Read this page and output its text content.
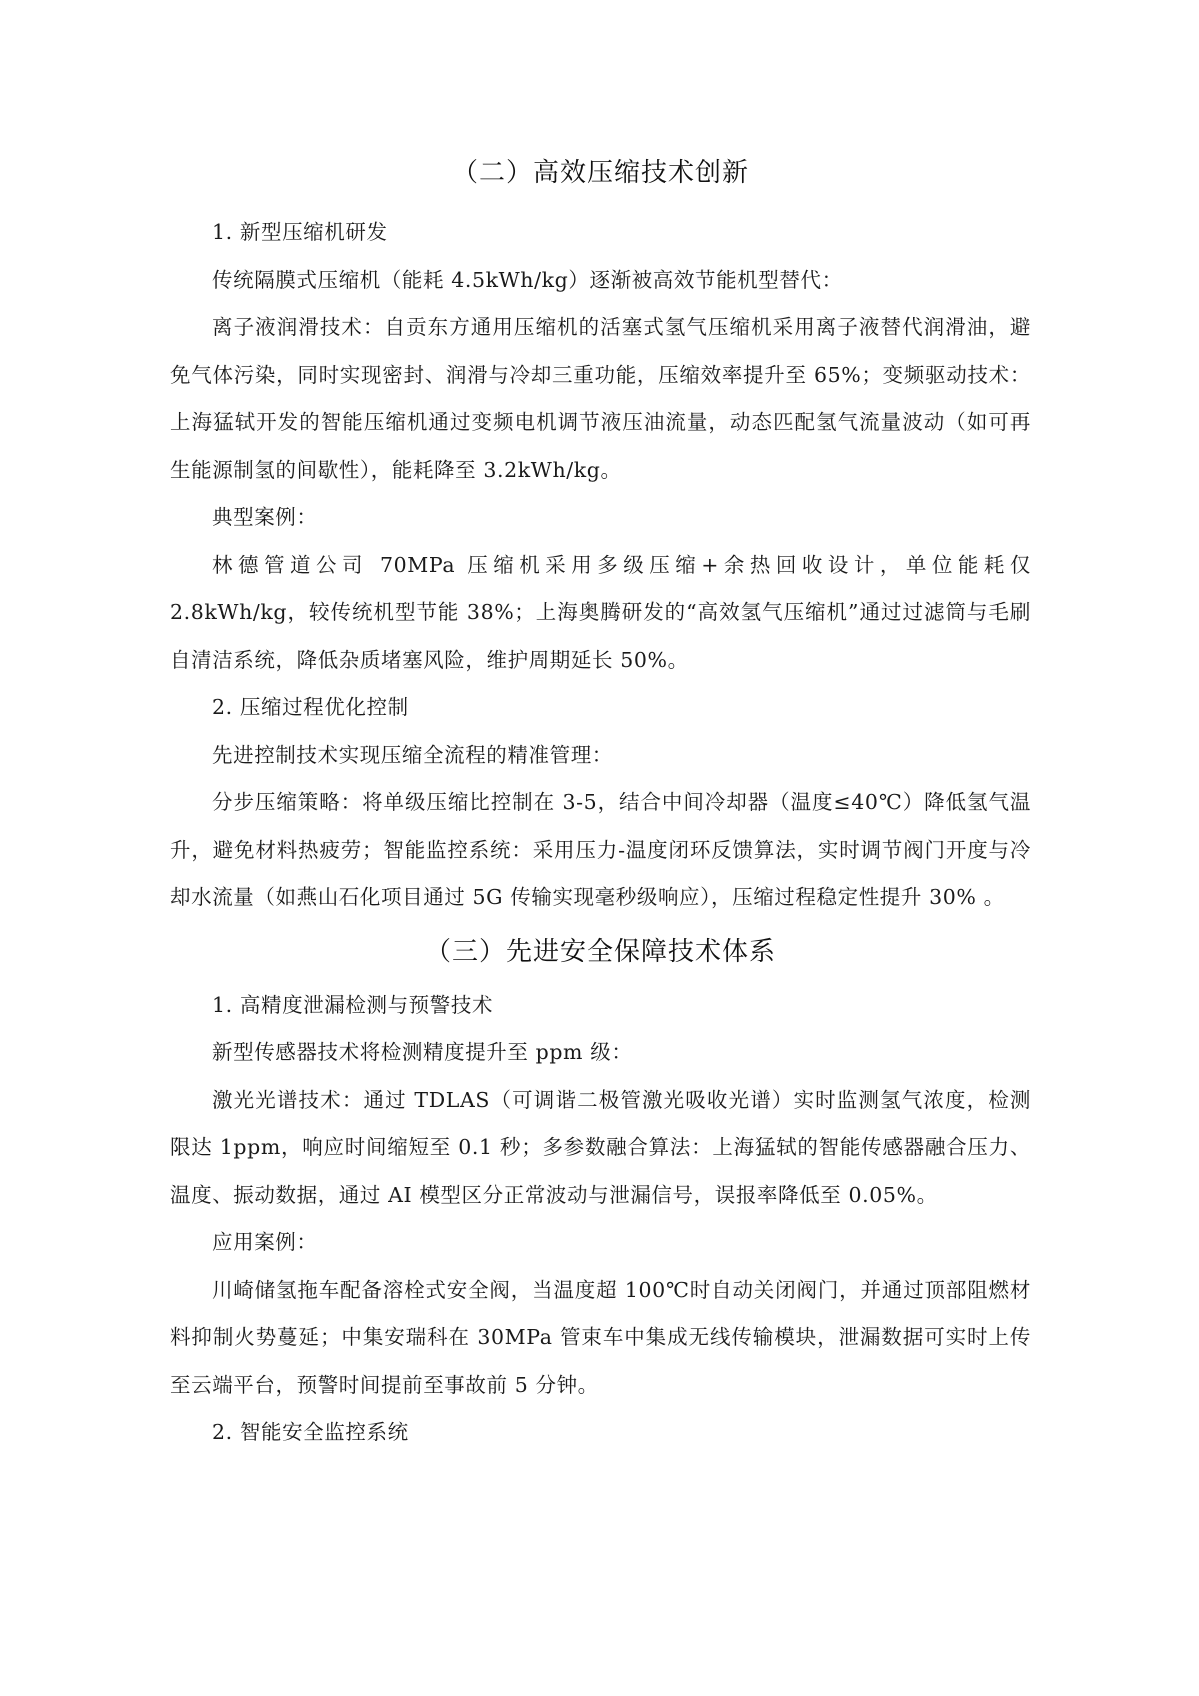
（二）高效压缩技术创新

1. 新型压缩机研发

传统隔膜式压缩机（能耗 4.5kWh/kg）逐渐被高效节能机型替代：

离子液润滑技术：自贡东方通用压缩机的活塞式氢气压缩机采用离子液替代润滑油，避免气体污染，同时实现密封、润滑与冷却三重功能，压缩效率提升至 65%；变频驱动技术：上海猛轼开发的智能压缩机通过变频电机调节液压油流量，动态匹配氢气流量波动（如可再生能源制氢的间歇性），能耗降至 3.2kWh/kg。

典型案例：

林德管道公司 70MPa 压缩机采用多级压缩+余热回收设计，单位能耗仅 2.8kWh/kg，较传统机型节能 38%；上海奥腾研发的“高效氢气压缩机”通过过滤筒与毛刷自清洁系统，降低杂质堵塞风险，维护周期延长 50%。

2. 压缩过程优化控制

先进控制技术实现压缩全流程的精准管理：

分步压缩策略：将单级压缩比控制在 3-5，结合中间冷却器（温度≤40℃）降低氢气温升，避免材料热疲劳；智能监控系统：采用压力-温度闭环反馈算法，实时调节阀门开度与冷却水流量（如燕山石化项目通过 5G 传输实现毫秒级响应），压缩过程稳定性提升 30% 。

（三）先进安全保障技术体系

1. 高精度泄漏检测与预警技术

新型传感器技术将检测精度提升至 ppm 级：

激光光谱技术：通过 TDLAS（可调谐二极管激光吸收光谱）实时监测氢气浓度，检测限达 1ppm，响应时间缩短至 0.1 秒；多参数融合算法：上海猛轼的智能传感器融合压力、温度、振动数据，通过 AI 模型区分正常波动与泄漏信号，误报率降低至 0.05%。

应用案例：

川崎储氢拖车配备溶栓式安全阀，当温度超 100℃时自动关闭阀门，并通过顶部阻燃材料抑制火势蔓延；中集安瑞科在 30MPa 管束车中集成无线传输模块，泄漏数据可实时上传至云端平台，预警时间提前至事故前 5 分钟。

2. 智能安全监控系统
